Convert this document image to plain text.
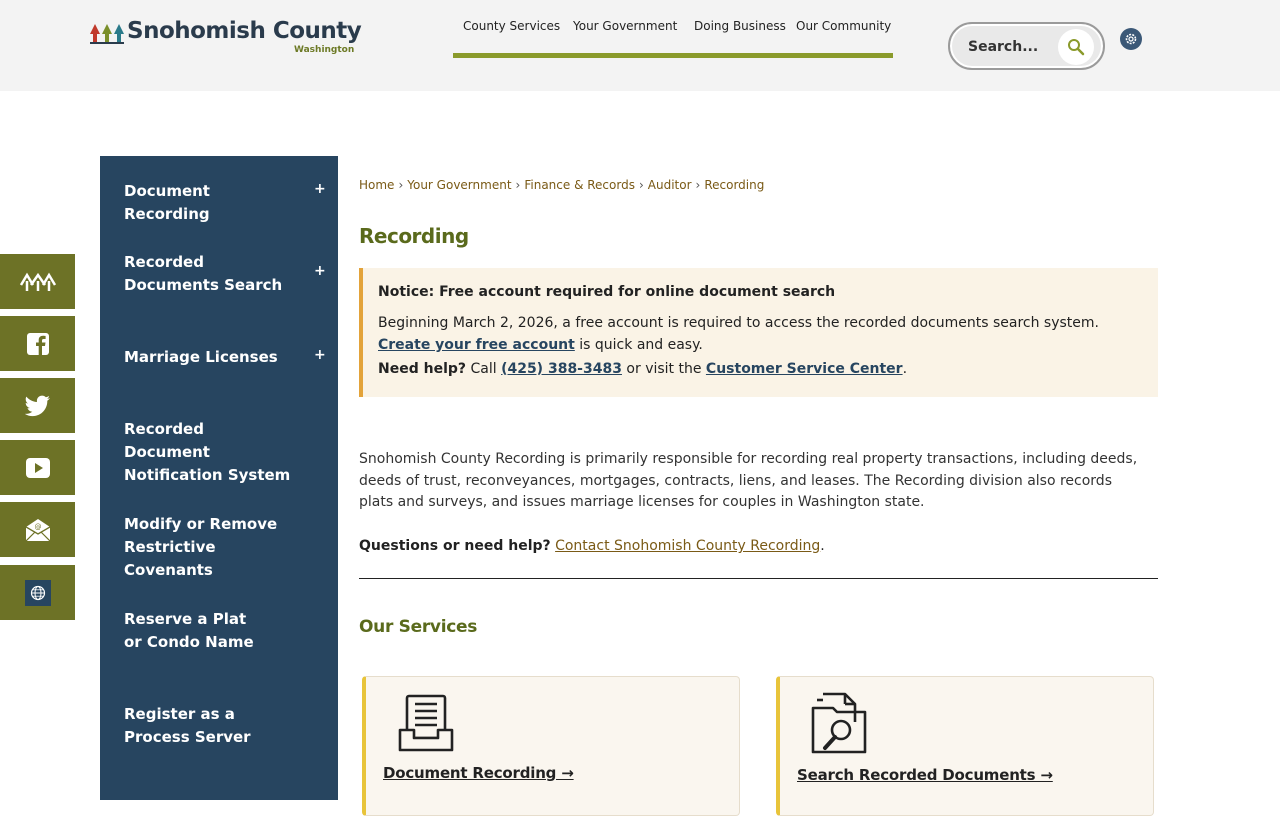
Snohomish County
Washington
County Services Your Government Doing Business Our Community
Search...
@
Document Recording
+
Recorded Documents Search
+
Marriage Licenses	+
Recorded Document Notification System
Modify or Remove Restrictive Covenants
Reserve a Plat or Condo Name
Register as a Process Server
Home › Your Government › Finance & Records › Auditor › Recording
Recording
Notice: Free account required for online document search
Beginning March 2, 2026, a free account is required to access the recorded documents search system.
Create your free account is quick and easy.
Need help? Call (425) 388-3483 or visit the Customer Service Center.

Snohomish County Recording is primarily responsible for recording real property transactions, including deeds, deeds of trust, reconveyances, mortgages, contracts, liens, and leases. The Recording division also records plats and surveys, and issues marriage licenses for couples in Washington state.

Questions or need help? Contact Snohomish County Recording.
Our Services
Document Recording →	Search Recorded Documents →
